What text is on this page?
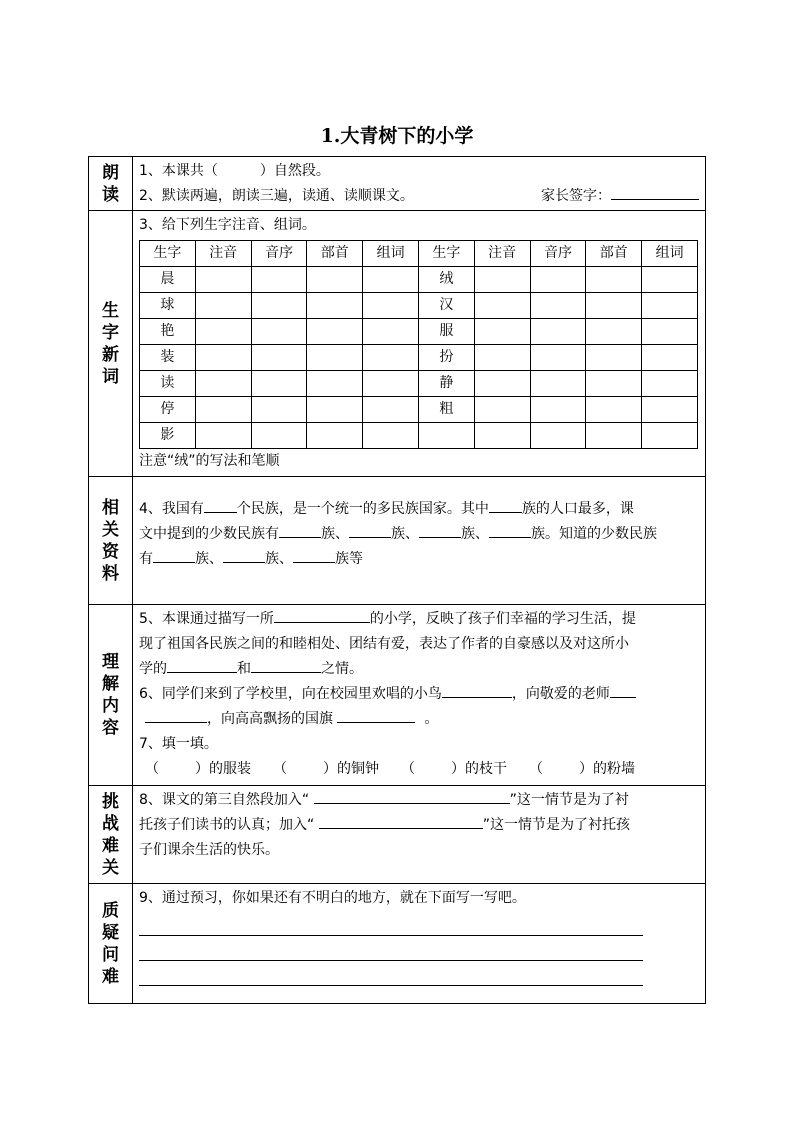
1.大青树下的小学
朗
读

1、本课共（	）自然段。
2、默读两遍，朗读三遍，读通、读顺课文。	家长签字：

生
字
新
词

3、给下列生字注音、组词。
生字	注音	音序	部首	组词	生字	注音	音序	部首	组词
晨					绒				
球					汉				
艳					服				
装					扮				
读					静				
停					粗				
影									
注意“绒”的写法和笔顺

相
关
资
料

4、我国有 个民族，是一个统一的多民族国家。其中 族的人口最多，课
文中提到的少数民族有	族、	族、	族、	族。知道的少数民族
有	族、	族、	族等

理
解
内
容

5、本课通过描写一所	的小学，反映了孩子们幸福的学习生活，提
现了祖国各民族之间的和睦相处、团结有爱，表达了作者的自豪感以及对这所小
学的	和	之情。
6、同学们来到了学校里，向在校园里欢唱的小鸟	，向敬爱的老师
，向高高飘扬的国旗	。
7、填一填。
（	）的服装 （	）的铜钟 （	）的枝干 （	）的粉墙

挑
战
难
关

8、课文的第三自然段加入“	”这一情节是为了衬
托孩子们读书的认真；加入“	”这一情节是为了衬托孩
子们课余生活的快乐。

质
疑
问
难

9、通过预习，你如果还有不明白的地方，就在下面写一写吧。
